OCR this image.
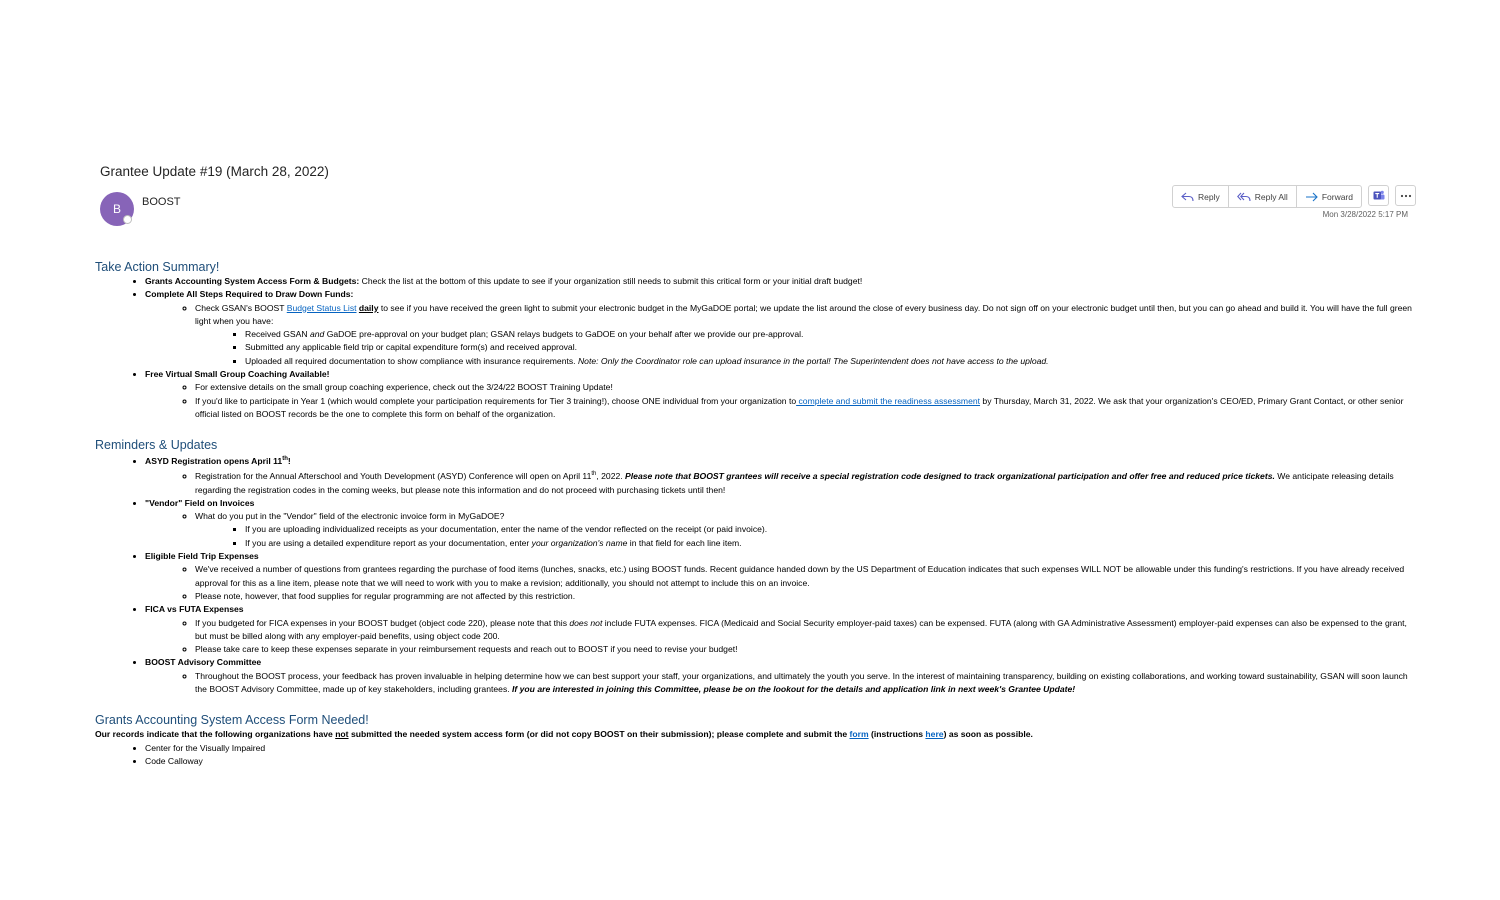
Grantee Update #19 (March 28, 2022)
B BOOST	Reply	Reply All	Forward
Mon 3/28/2022 5:17 PM
Take Action Summary!
• Grants Accounting System Access Form & Budgets: Check the list at the bottom of this update to see if your organization still needs to submit this critical form or your initial draft budget!
• Complete All Steps Required to Draw Down Funds:
◦ Check GSAN's BOOST Budget Status List daily to see if you have received the green light to submit your electronic budget in the MyGaDOE portal; we update the list around the close of every business day. Do not sign off on your electronic budget until then, but you can go ahead and build it. You will have the full green light when you have:
▪ Received GSAN and GaDOE pre-approval on your budget plan; GSAN relays budgets to GaDOE on your behalf after we provide our pre-approval.
▪ Submitted any applicable field trip or capital expenditure form(s) and received approval.
▪ Uploaded all required documentation to show compliance with insurance requirements. Note: Only the Coordinator role can upload insurance in the portal! The Superintendent does not have access to the upload.
• Free Virtual Small Group Coaching Available!
◦ For extensive details on the small group coaching experience, check out the 3/24/22 BOOST Training Update!
◦ If you'd like to participate in Year 1 (which would complete your participation requirements for Tier 3 training!), choose ONE individual from your organization to complete and submit the readiness assessment by Thursday, March 31, 2022. We ask that your organization's CEO/ED, Primary Grant Contact, or other senior official listed on BOOST records be the one to complete this form on behalf of the organization.
Reminders & Updates
• ASYD Registration opens April 11th!
◦ Registration for the Annual Afterschool and Youth Development (ASYD) Conference will open on April 11th, 2022. Please note that BOOST grantees will receive a special registration code designed to track organizational participation and offer free and reduced price tickets. We anticipate releasing details regarding the registration codes in the coming weeks, but please note this information and do not proceed with purchasing tickets until then!
• "Vendor" Field on Invoices
◦ What do you put in the "Vendor" field of the electronic invoice form in MyGaDOE?
▪ If you are uploading individualized receipts as your documentation, enter the name of the vendor reflected on the receipt (or paid invoice).
▪ If you are using a detailed expenditure report as your documentation, enter your organization's name in that field for each line item.
• Eligible Field Trip Expenses
◦ We've received a number of questions from grantees regarding the purchase of food items (lunches, snacks, etc.) using BOOST funds. Recent guidance handed down by the US Department of Education indicates that such expenses WILL NOT be allowable under this funding's restrictions. If you have already received approval for this as a line item, please note that we will need to work with you to make a revision; additionally, you should not attempt to include this on an invoice.
◦ Please note, however, that food supplies for regular programming are not affected by this restriction.
• FICA vs FUTA Expenses
◦ If you budgeted for FICA expenses in your BOOST budget (object code 220), please note that this does not include FUTA expenses. FICA (Medicaid and Social Security employer-paid taxes) can be expensed. FUTA (along with GA Administrative Assessment) employer-paid expenses can also be expensed to the grant, but must be billed along with any employer-paid benefits, using object code 200.
◦ Please take care to keep these expenses separate in your reimbursement requests and reach out to BOOST if you need to revise your budget!
• BOOST Advisory Committee
◦ Throughout the BOOST process, your feedback has proven invaluable in helping determine how we can best support your staff, your organizations, and ultimately the youth you serve. In the interest of maintaining transparency, building on existing collaborations, and working toward sustainability, GSAN will soon launch the BOOST Advisory Committee, made up of key stakeholders, including grantees. If you are interested in joining this Committee, please be on the lookout for the details and application link in next week's Grantee Update!
Grants Accounting System Access Form Needed!
Our records indicate that the following organizations have not submitted the needed system access form (or did not copy BOOST on their submission); please complete and submit the form (instructions here) as soon as possible.
• Center for the Visually Impaired
• Code Calloway
